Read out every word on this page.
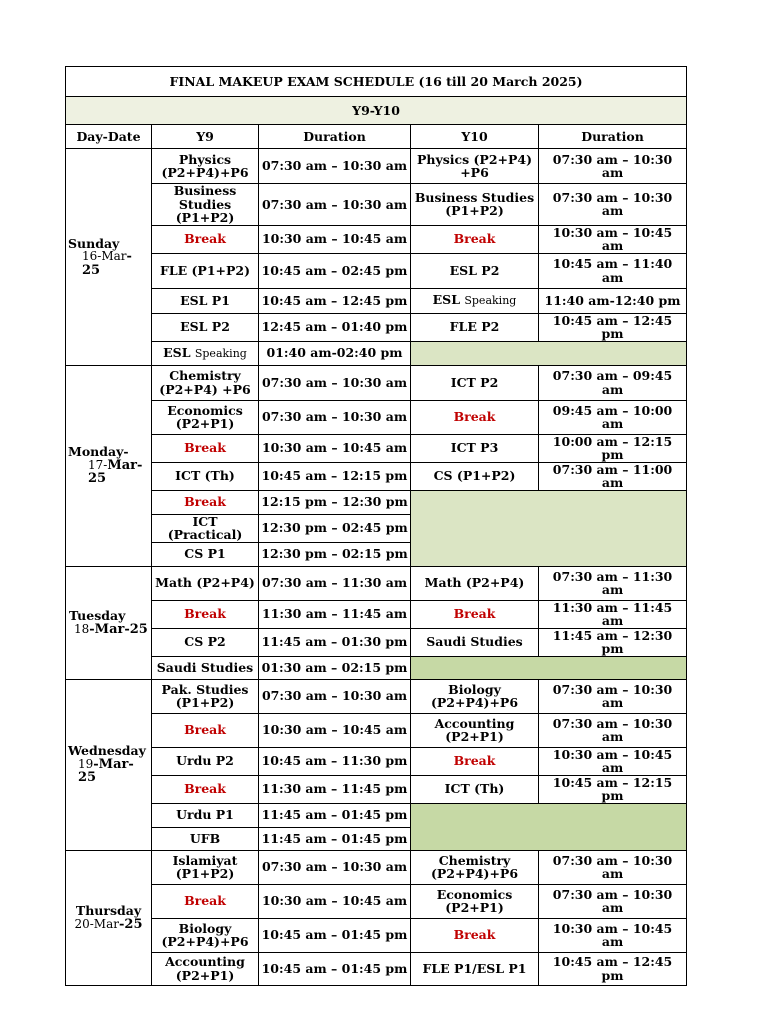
FINAL MAKEUP EXAM SCHEDULE (16 till 20 March 2025)				
Y9-Y10				
Day-Date	Y9	Duration	Y10	Duration

Sunday
16-Mar-25	Physics (P2+P4)+P6	07:30 am – 10:30 am	Physics (P2+P4) +P6	07:30 am – 10:30 am
	Business Studies (P1+P2)	07:30 am – 10:30 am	Business Studies (P1+P2)	07:30 am – 10:30 am
	Break	10:30 am – 10:45 am	Break	10:30 am – 10:45 am
	FLE (P1+P2)	10:45 am – 02:45 pm	ESL P2	10:45 am – 11:40 am
	ESL P1	10:45 am – 12:45 pm	ESL Speaking	11:40 am-12:40 pm
	ESL P2	12:45 am – 01:40 pm	FLE P2	10:45 am – 12:45 pm
	ESL Speaking	01:40 am-02:40 pm		

Monday-
17-Mar-25	Chemistry (P2+P4) +P6	07:30 am – 10:30 am	ICT P2	07:30 am – 09:45 am
	Economics (P2+P1)	07:30 am – 10:30 am	Break	09:45 am – 10:00 am
	Break	10:30 am – 10:45 am	ICT P3	10:00 am – 12:15 pm
	ICT (Th)	10:45 am – 12:15 pm	CS (P1+P2)	07:30 am – 11:00 am
	Break	12:15 pm – 12:30 pm		
	ICT (Practical)	12:30 pm – 02:45 pm		
	CS P1	12:30 pm – 02:15 pm		

Tuesday
18-Mar-25	Math (P2+P4)	07:30 am – 11:30 am	Math (P2+P4)	07:30 am – 11:30 am
	Break	11:30 am – 11:45 am	Break	11:30 am – 11:45 am
	CS P2	11:45 am – 01:30 pm	Saudi Studies	11:45 am – 12:30 pm
	Saudi Studies	01:30 am – 02:15 pm		

Wednesday
19-Mar-25	Pak. Studies (P1+P2)	07:30 am – 10:30 am	Biology (P2+P4)+P6	07:30 am – 10:30 am
	Break	10:30 am – 10:45 am	Accounting (P2+P1)	07:30 am – 10:30 am
	Urdu P2	10:45 am – 11:30 pm	Break	10:30 am – 10:45 am
	Break	11:30 am – 11:45 pm	ICT (Th)	10:45 am – 12:15 pm
	Urdu P1	11:45 am – 01:45 pm		
	UFB	11:45 am – 01:45 pm		

Thursday
20-Mar-25	Islamiyat (P1+P2)	07:30 am – 10:30 am	Chemistry (P2+P4)+P6	07:30 am – 10:30 am
	Break	10:30 am – 10:45 am	Economics (P2+P1)	07:30 am – 10:30 am
	Biology (P2+P4)+P6	10:45 am – 01:45 pm	Break	10:30 am – 10:45 am
	Accounting (P2+P1)	10:45 am – 01:45 pm	FLE P1/ESL P1	10:45 am – 12:45 pm
